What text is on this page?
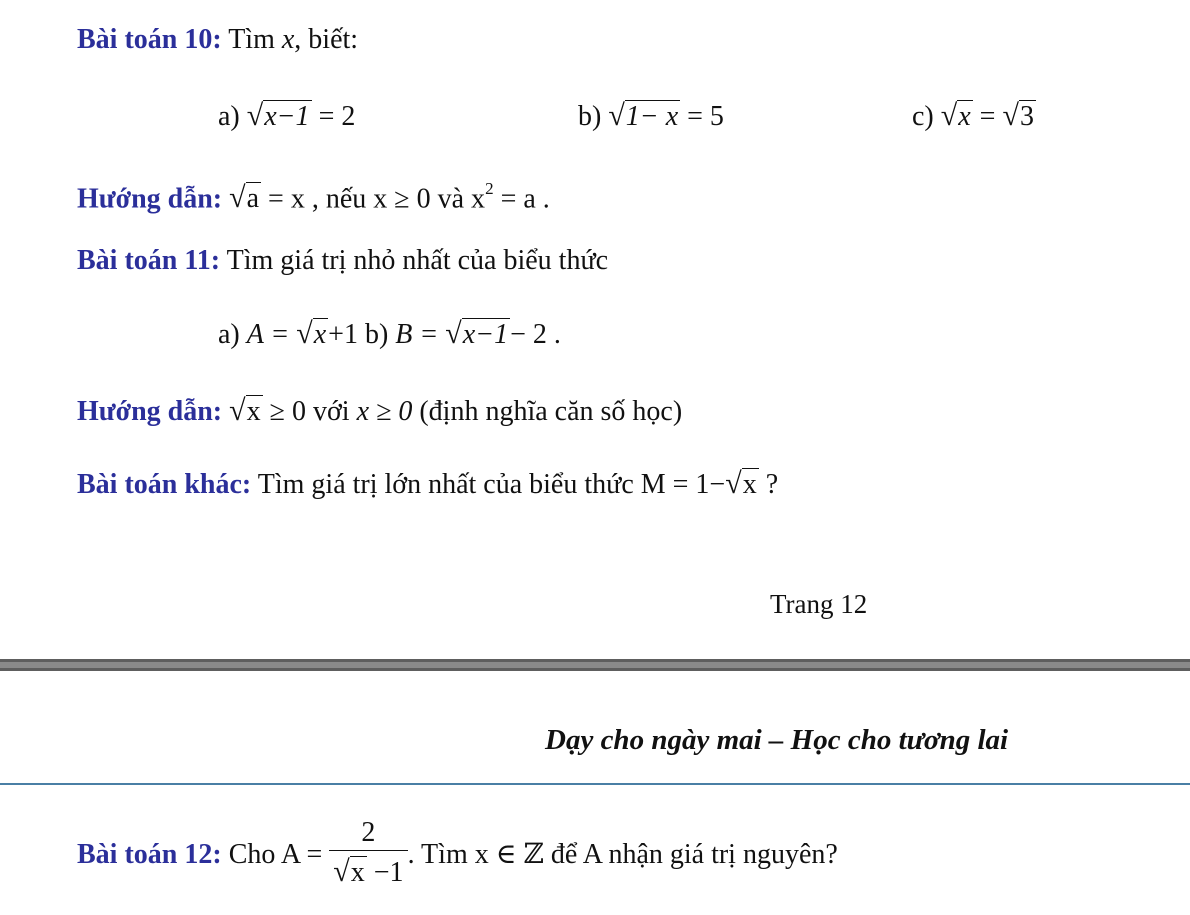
Bài toán 10: Tìm x, biết:
a) √x−1 = 2	b) √1− x = 5	c) √x = √3
Hướng dẫn: √a = x , nếu x ≥ 0 và $x^2 = a$ .
Bài toán 11: Tìm giá trị nhỏ nhất của biểu thức
a) A = √x+1 b) B = √x−1− 2 .
Hướng dẫn: √x ≥ 0 với x ≥ 0 (định nghĩa căn số học)
Bài toán khác: Tìm giá trị lớn nhất của biểu thức M = 1−√x ?
Trang 12
Dạy cho ngày mai – Học cho tương lai
Bài toán 12: Cho $A = \frac{2}{√x -1}$ . Tìm x ∈ ℤ để A nhận giá trị nguyên?
